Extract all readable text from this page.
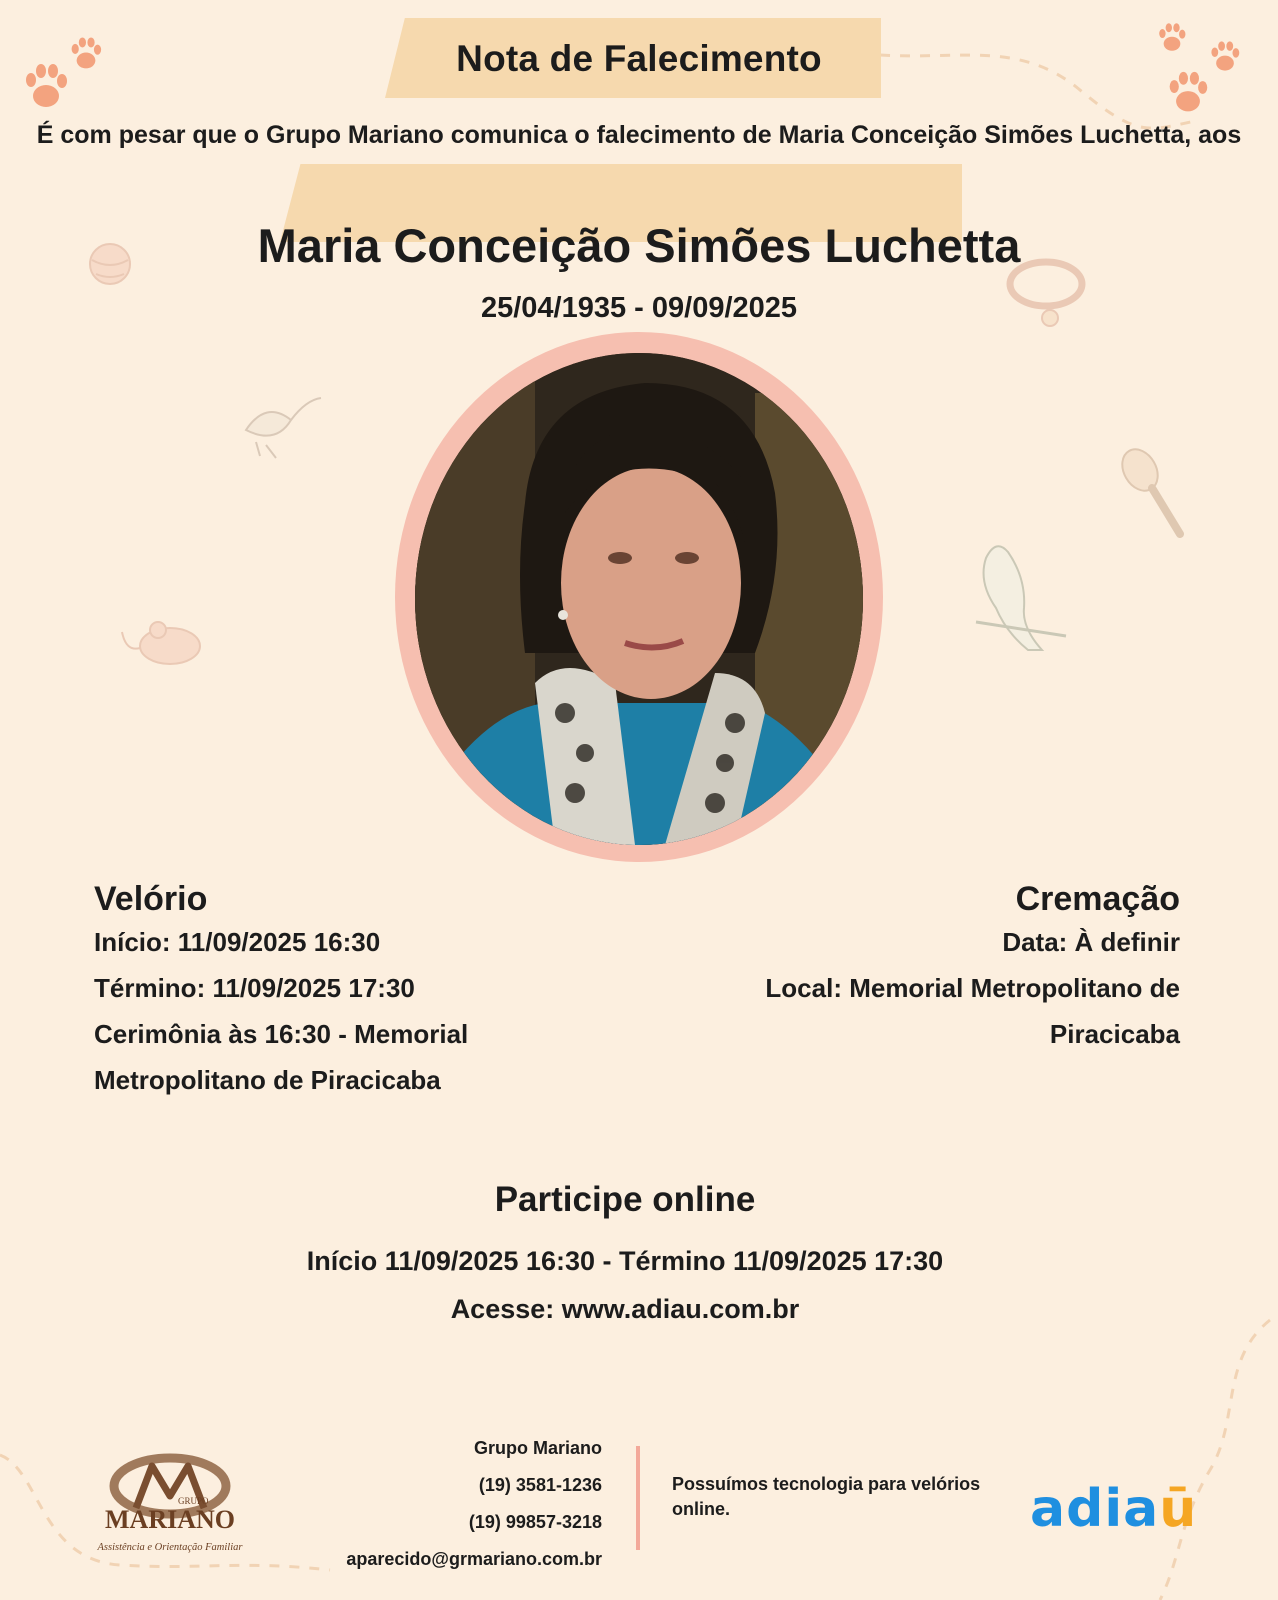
Nota de Falecimento
É com pesar que o Grupo Mariano comunica o falecimento de Maria Conceição Simões Luchetta, aos
Maria Conceição Simões Luchetta
25/04/1935 - 09/09/2025
Velório
Início: 11/09/2025 16:30
Término: 11/09/2025 17:30
Cerimônia às 16:30 - Memorial
Metropolitano de Piracicaba
Cremação
Data: À definir
Local: Memorial Metropolitano de
Piracicaba
Participe online
Início 11/09/2025 16:30 - Término 11/09/2025 17:30
Acesse: www.adiau.com.br
GRUPO
MARIANO
Assistência e Orientação Familiar
Grupo Mariano
(19) 3581-1236
(19) 99857-3218
aparecido@grmariano.com.br
Possuímos tecnologia para velórios online.	adiaū
